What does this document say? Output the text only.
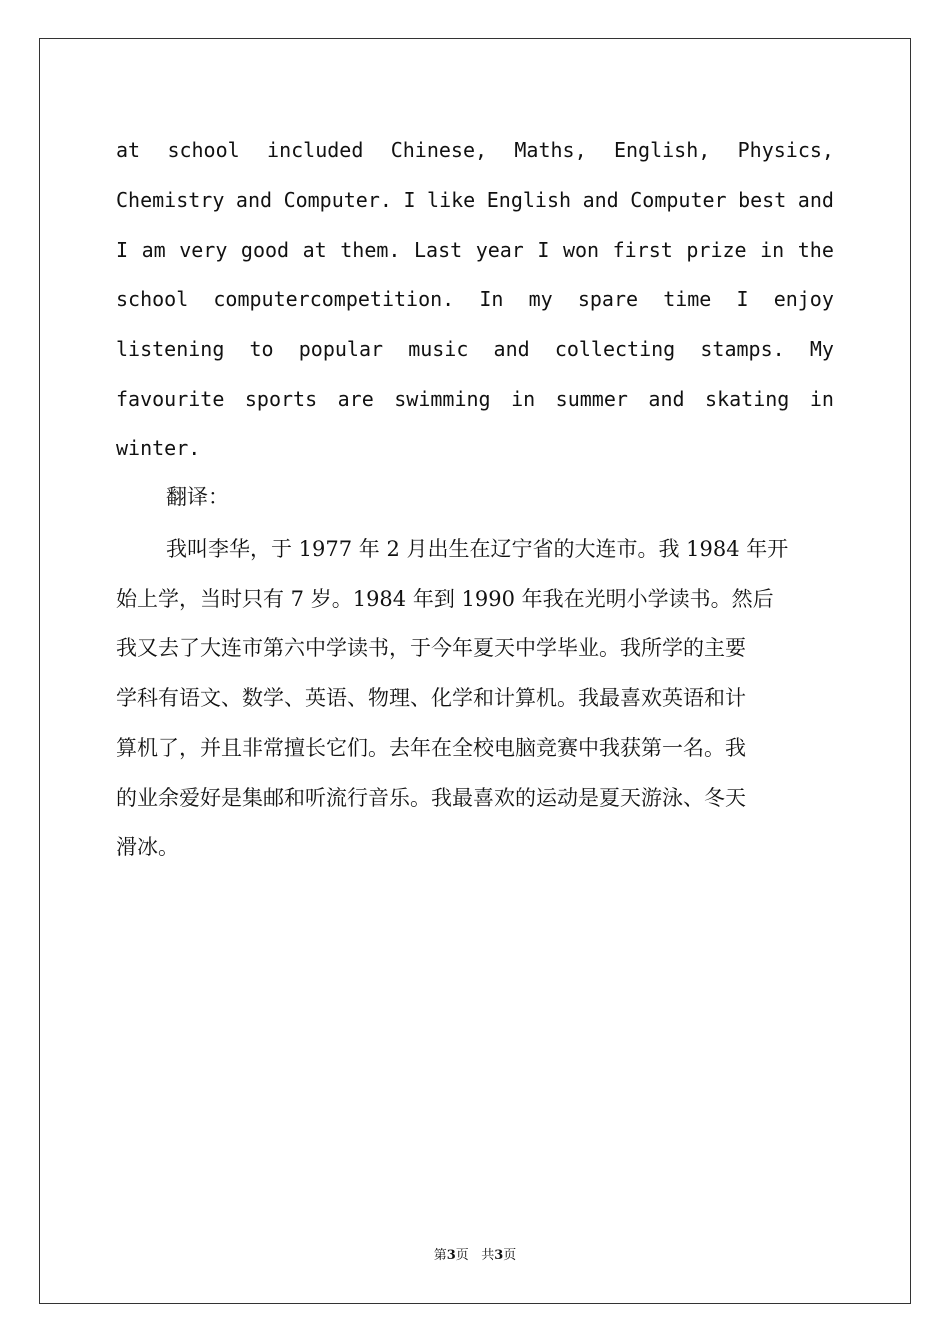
at school included Chinese, Maths, English, Physics,
Chemistry and Computer. I like English and Computer best and
I am very good at them. Last year I won first prize in the
school computercompetition. In my spare time I enjoy
listening to popular music and collecting stamps. My
favourite sports are swimming in summer and skating in
winter.
翻译：
我叫李华，于 1977 年 2 月出生在辽宁省的大连市。我 1984 年开
始上学，当时只有 7 岁。1984 年到 1990 年我在光明小学读书。然后
我又去了大连市第六中学读书，于今年夏天中学毕业。我所学的主要
学科有语文、数学、英语、物理、化学和计算机。我最喜欢英语和计
算机了，并且非常擅长它们。去年在全校电脑竞赛中我获第一名。我
的业余爱好是集邮和听流行音乐。我最喜欢的运动是夏天游泳、冬天
滑冰。
第3页 共3页
